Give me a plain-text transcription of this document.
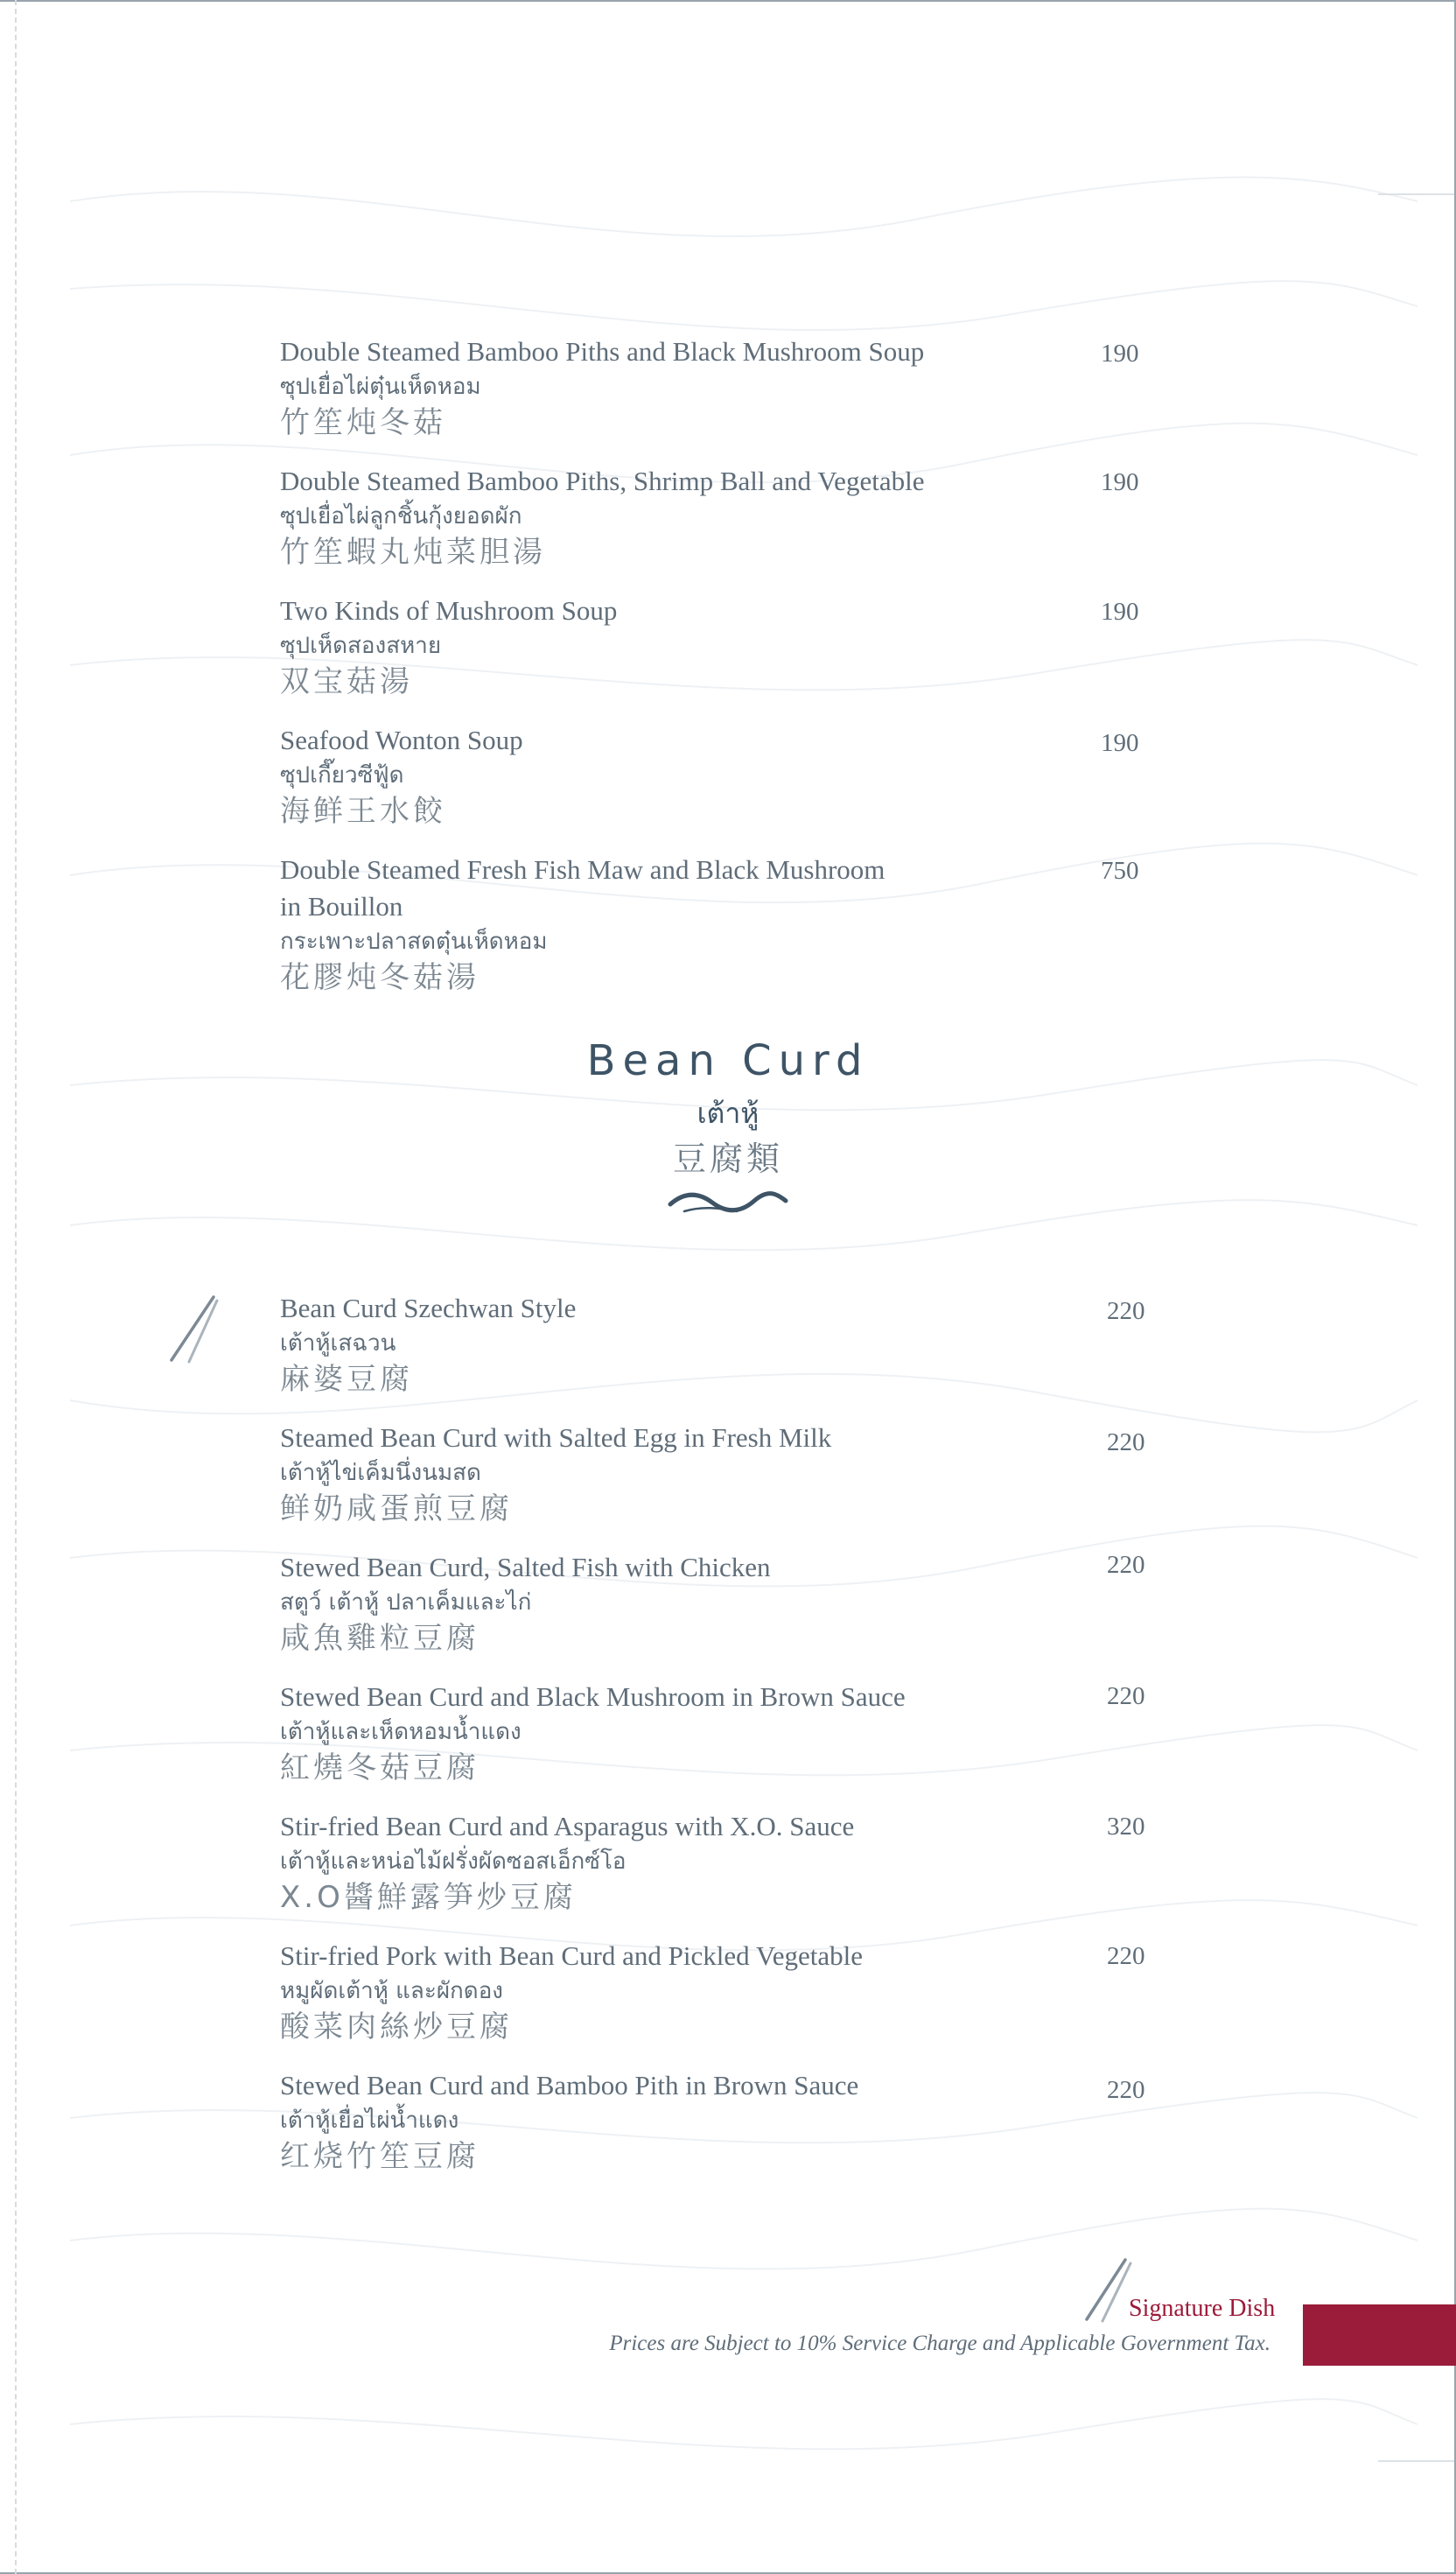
Double Steamed Bamboo Piths and Black Mushroom Soup
ซุปเยื่อไผ่ตุ๋นเห็ดหอม
竹笙炖冬菇
190
Double Steamed Bamboo Piths, Shrimp Ball and Vegetable
ซุปเยื่อไผ่ลูกชิ้นกุ้งยอดผัก
竹笙蝦丸炖菜胆湯
190
Two Kinds of Mushroom Soup
ซุปเห็ดสองสหาย
双宝菇湯
190
Seafood Wonton Soup
ซุปเกี๊ยวซีฟู้ด
海鲜王水餃
190
Double Steamed Fresh Fish Maw and Black Mushroom
in Bouillon
กระเพาะปลาสดตุ๋นเห็ดหอม
花膠炖冬菇湯
750
Bean Curd
เต้าหู้
豆腐類
Bean Curd Szechwan Style
เต้าหู้เสฉวน
麻婆豆腐
220
Steamed Bean Curd with Salted Egg in Fresh Milk
เต้าหู้ไข่เค็มนึ่งนมสด
鲜奶咸蛋煎豆腐
220
Stewed Bean Curd, Salted Fish with Chicken
สตูว์ เต้าหู้ ปลาเค็มและไก่
咸魚雞粒豆腐
220
Stewed Bean Curd and Black Mushroom in Brown Sauce
เต้าหู้และเห็ดหอมน้ำแดง
紅燒冬菇豆腐
220
Stir-fried Bean Curd and Asparagus with X.O. Sauce
เต้าหู้และหน่อไม้ฝรั่งผัดซอสเอ็กซ์โอ
X.O醬鮮露笋炒豆腐
320
Stir-fried Pork with Bean Curd and Pickled Vegetable
หมูผัดเต้าหู้ และผักดอง
酸菜肉絲炒豆腐
220
Stewed Bean Curd and Bamboo Pith in Brown Sauce
เต้าหู้เยื่อไผ่น้ำแดง
红烧竹笙豆腐
220
Signature Dish
Prices are Subject to 10% Service Charge and Applicable Government Tax.
